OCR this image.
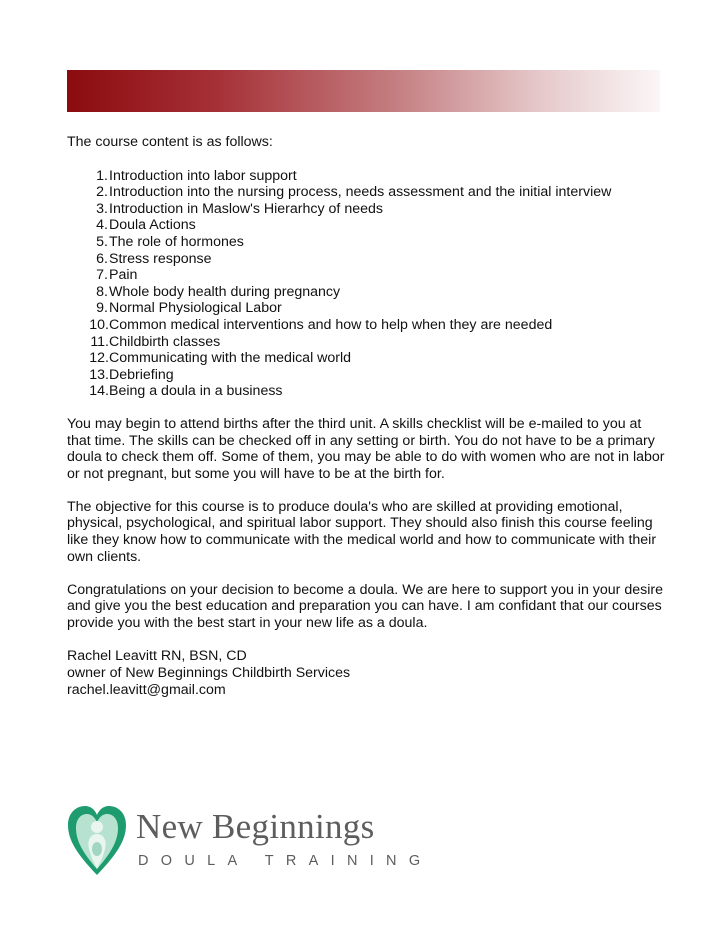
The course content is as follows:

1. Introduction into labor support
2. Introduction into the nursing process, needs assessment and the initial interview
3. Introduction in Maslow's Hierarhcy of needs
4. Doula Actions
5. The role of hormones
6. Stress response
7. Pain
8. Whole body health during pregnancy
9. Normal Physiological Labor
10. Common medical interventions and how to help when they are needed
11. Childbirth classes
12. Communicating with the medical world
13. Debriefing
14. Being a doula in a business

You may begin to attend births after the third unit. A skills checklist will be e-mailed to you at that time. The skills can be checked off in any setting or birth. You do not have to be a primary doula to check them off. Some of them, you may be able to do with women who are not in labor or not pregnant, but some you will have to be at the birth for.

The objective for this course is to produce doula's who are skilled at providing emotional, physical, psychological, and spiritual labor support. They should also finish this course feeling like they know how to communicate with the medical world and how to communicate with their own clients.

Congratulations on your decision to become a doula. We are here to support you in your desire and give you the best education and preparation you can have. I am confidant that our courses provide you with the best start in your new life as a doula.

Rachel Leavitt RN, BSN, CD
owner of New Beginnings Childbirth Services
rachel.leavitt@gmail.com
New Beginnings
DOULA TRAINING
